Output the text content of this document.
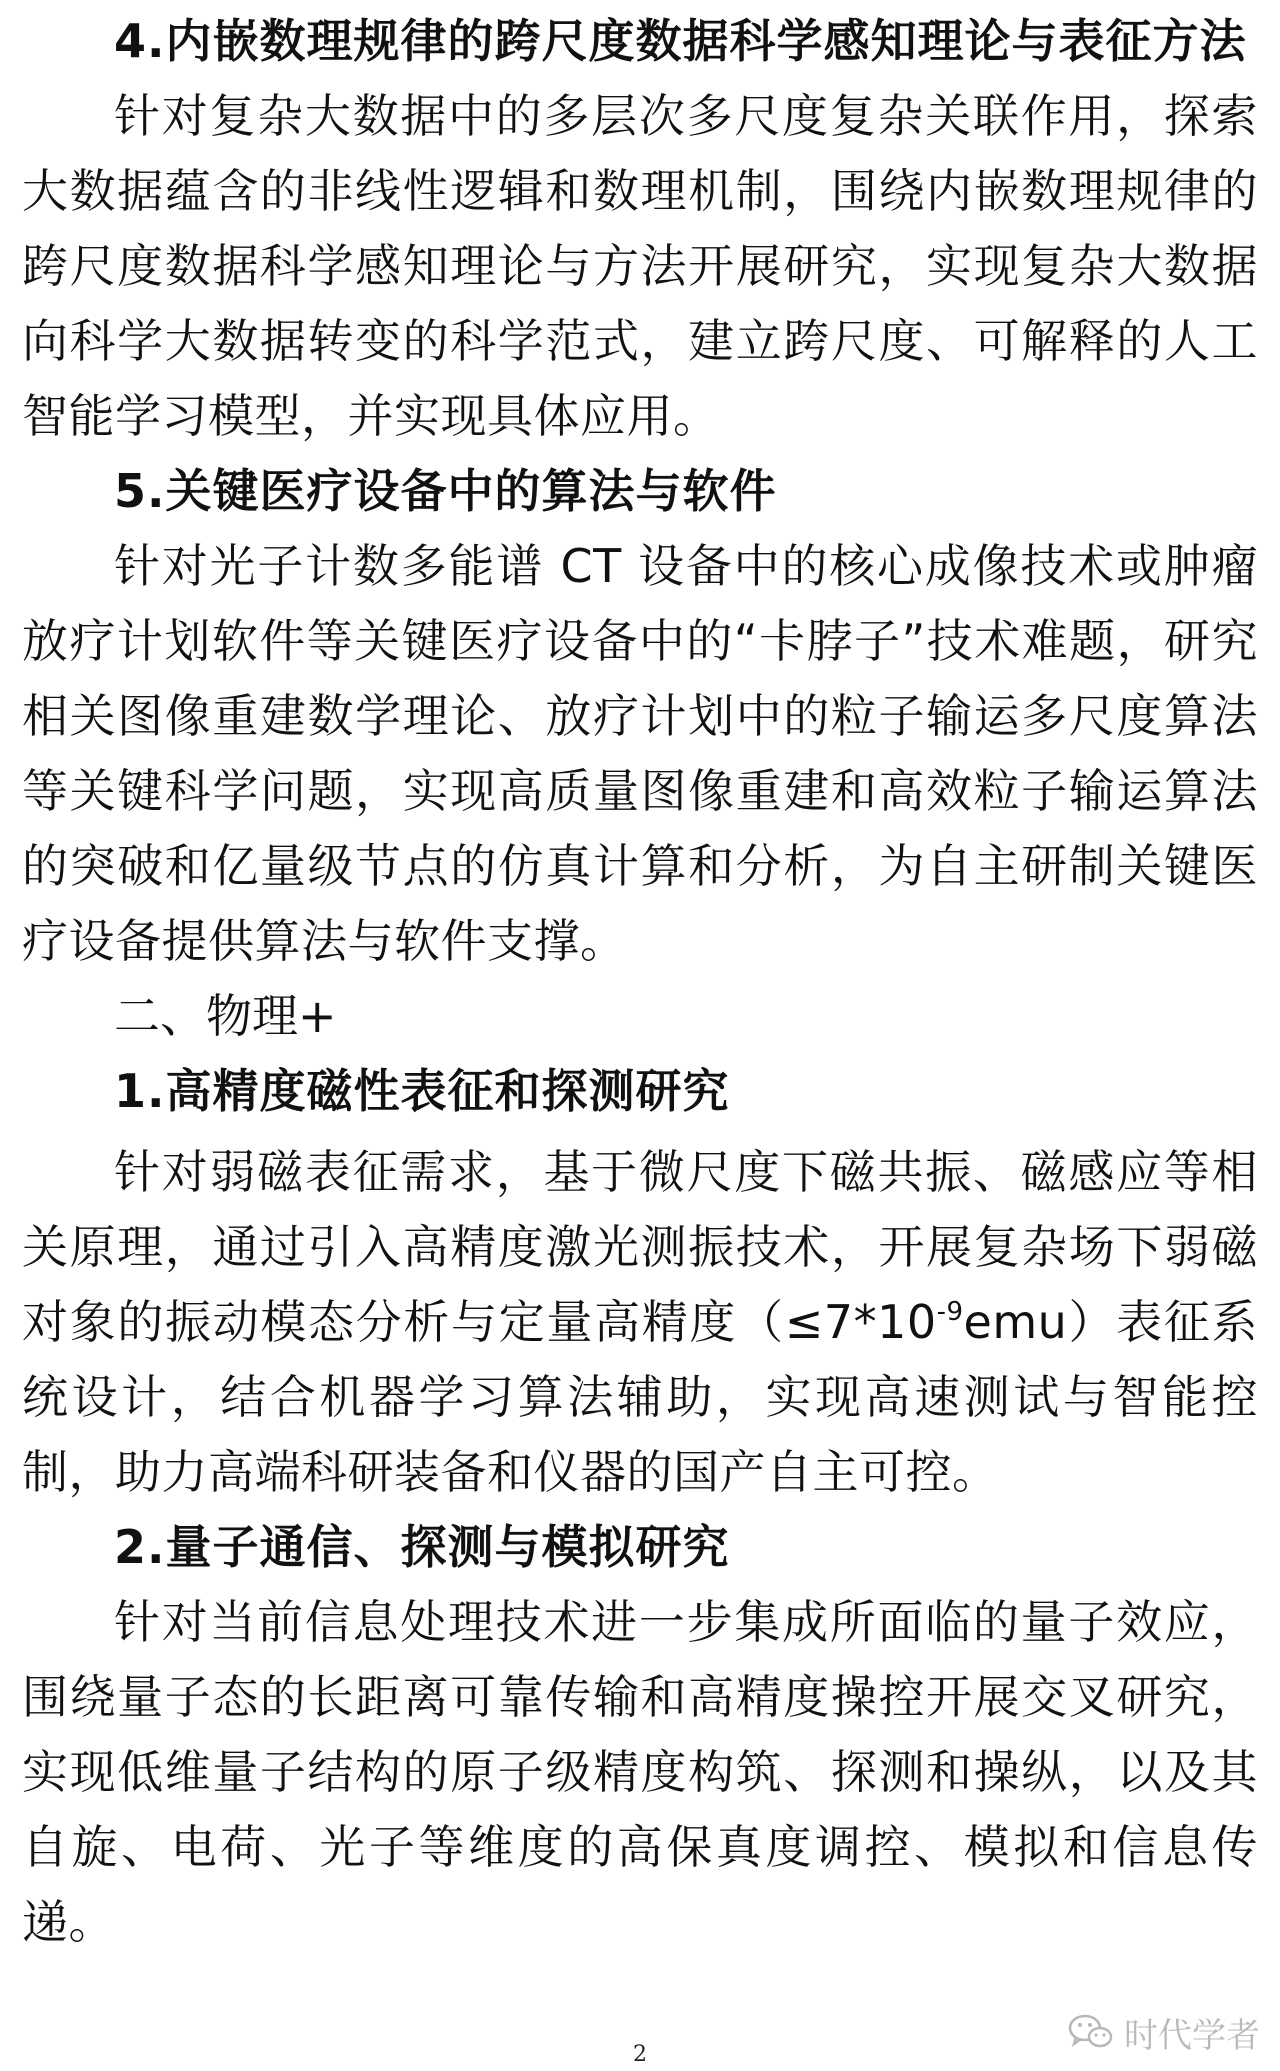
4.内嵌数理规律的跨尺度数据科学感知理论与表征方法
针对复杂大数据中的多层次多尺度复杂关联作用，探索大数据蕴含的非线性逻辑和数理机制，围绕内嵌数理规律的跨尺度数据科学感知理论与方法开展研究，实现复杂大数据向科学大数据转变的科学范式，建立跨尺度、可解释的人工智能学习模型，并实现具体应用。
5.关键医疗设备中的算法与软件
针对光子计数多能谱 CT 设备中的核心成像技术或肿瘤放疗计划软件等关键医疗设备中的“卡脖子”技术难题，研究相关图像重建数学理论、放疗计划中的粒子输运多尺度算法等关键科学问题，实现高质量图像重建和高效粒子输运算法的突破和亿量级节点的仿真计算和分析，为自主研制关键医疗设备提供算法与软件支撑。
二、物理+
1.高精度磁性表征和探测研究
针对弱磁表征需求，基于微尺度下磁共振、磁感应等相关原理，通过引入高精度激光测振技术，开展复杂场下弱磁对象的振动模态分析与定量高精度$(\le 7*10^{-9}emu)$表征系统设计，结合机器学习算法辅助，实现高速测试与智能控制，助力高端科研装备和仪器的国产自主可控。
2.量子通信、探测与模拟研究
针对当前信息处理技术进一步集成所面临的量子效应，围绕量子态的长距离可靠传输和高精度操控开展交叉研究，实现低维量子结构的原子级精度构筑、探测和操纵，以及其自旋、电荷、光子等维度的高保真度调控、模拟和信息传递。
时代学者
2
